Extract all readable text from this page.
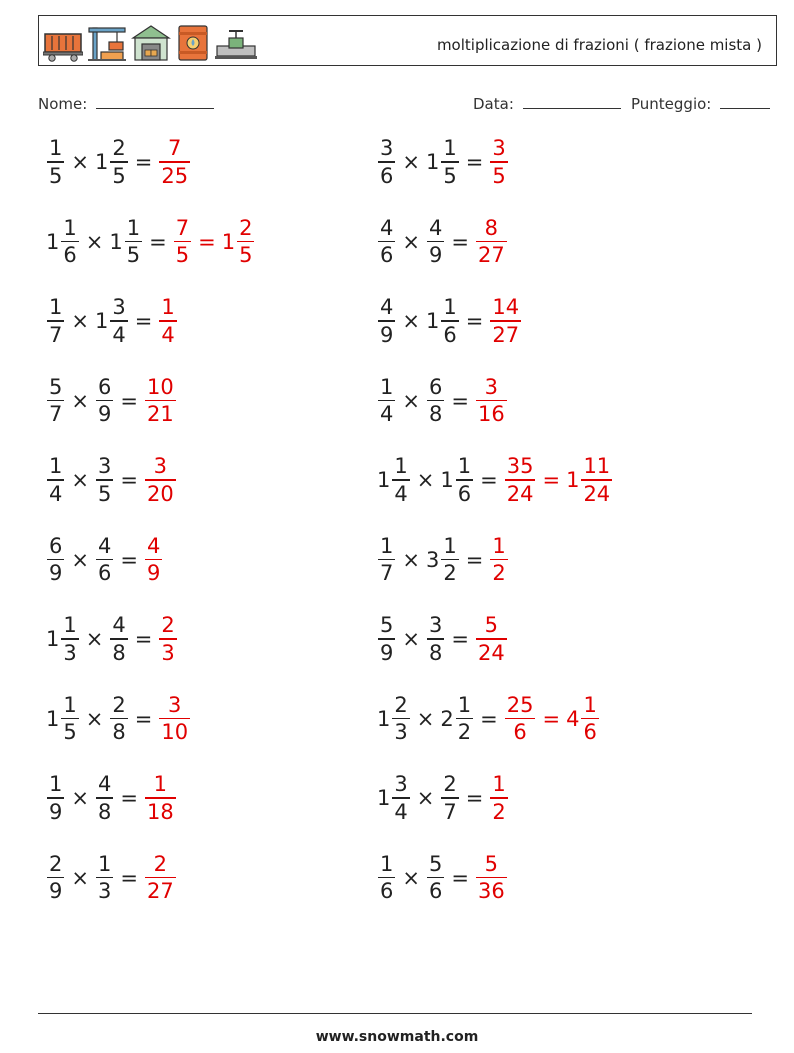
moltiplicazione di frazioni ( frazione mista )
Nome:	Data:	Punteggio:
$\frac{1}{5} \times 1 \frac{2}{5} = \frac{7}{25}$
$1 \frac{1}{6} \times 1 \frac{1}{5} = \frac{7}{5} = 1 \frac{2}{5}$
$\frac{1}{7} \times 1 \frac{3}{4} = \frac{1}{4}$
$\frac{5}{7} \times \frac{6}{9} = \frac{10}{21}$
$\frac{1}{4} \times \frac{3}{5} = \frac{3}{20}$
$\frac{6}{9} \times \frac{4}{6} = \frac{4}{9}$
$1 \frac{1}{3} \times \frac{4}{8} = \frac{2}{3}$
$1 \frac{1}{5} \times \frac{2}{8} = \frac{3}{10}$
$\frac{1}{9} \times \frac{4}{8} = \frac{1}{18}$
$\frac{2}{9} \times \frac{1}{3} = \frac{2}{27}$
$\frac{3}{6} \times 1 \frac{1}{5} = \frac{3}{5}$
$\frac{4}{6} \times \frac{4}{9} = \frac{8}{27}$
$\frac{4}{9} \times 1 \frac{1}{6} = \frac{14}{27}$
$\frac{1}{4} \times \frac{6}{8} = \frac{3}{16}$
$1 \frac{1}{4} \times 1 \frac{1}{6} = \frac{35}{24} = 1 \frac{11}{24}$
$\frac{1}{7} \times 3 \frac{1}{2} = \frac{1}{2}$
$\frac{5}{9} \times \frac{3}{8} = \frac{5}{24}$
$1 \frac{2}{3} \times 2 \frac{1}{2} = \frac{25}{6} = 4 \frac{1}{6}$
$1 \frac{3}{4} \times \frac{2}{7} = \frac{1}{2}$
$\frac{1}{6} \times \frac{5}{6} = \frac{5}{36}$
www.snowmath.com
